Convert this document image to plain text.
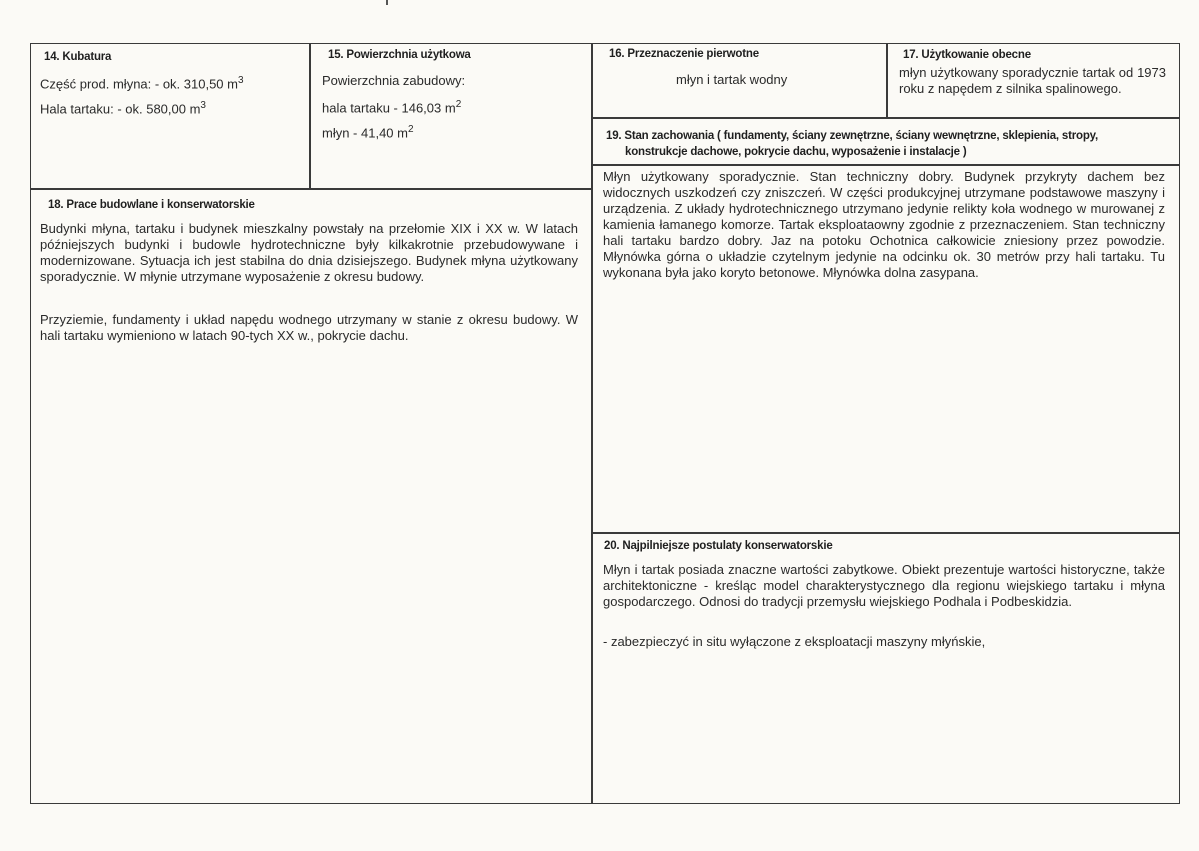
14. Kubatura
Część prod. młyna: - ok. 310,50 $m^3$
Hala tartaku: - ok. 580,00 $m^3$
15. Powierzchnia użytkowa
Powierzchnia zabudowy:
hala tartaku - 146,03 $m^2$
młyn - 41,40 $m^2$
16. Przeznaczenie pierwotne
młyn i tartak wodny
17. Użytkowanie obecne
młyn użytkowany sporadycznie tartak od 1973 roku z napędem z silnika spalinowego.
18. Prace budowlane i konserwatorskie
Budynki młyna, tartaku i budynek mieszkalny powstały na przełomie XIX i XX w. W latach późniejszych budynki i budowle hydrotechniczne były kilkakrotnie przebudowywane i modernizowane. Sytuacja ich jest stabilna do dnia dzisiejszego. Budynek młyna użytkowany sporadycznie. W młynie utrzymane wyposażenie z okresu budowy.
Przyziemie, fundamenty i układ napędu wodnego utrzymany w stanie z okresu budowy. W hali tartaku wymieniono w latach 90-tych XX w., pokrycie dachu.
19. Stan zachowania ( fundamenty, ściany zewnętrzne, ściany wewnętrzne, sklepienia, stropy,
konstrukcje dachowe, pokrycie dachu, wyposażenie i instalacje )
Młyn użytkowany sporadycznie. Stan techniczny dobry. Budynek przykryty dachem bez widocznych uszkodzeń czy zniszczeń. W części produkcyjnej utrzymane podstawowe maszyny i urządzenia. Z układy hydrotechnicznego utrzymano jedynie relikty koła wodnego w murowanej z kamienia łamanego komorze. Tartak eksploataowny zgodnie z przeznaczeniem. Stan techniczny hali tartaku bardzo dobry. Jaz na potoku Ochotnica całkowicie zniesiony przez powodzie. Młynówka górna o układzie czytelnym jedynie na odcinku ok. 30 metrów przy hali tartaku. Tu wykonana była jako koryto betonowe. Młynówka dolna zasypana.
20. Najpilniejsze postulaty konserwatorskie
Młyn i tartak posiada znaczne wartości zabytkowe. Obiekt prezentuje wartości historyczne, także architektoniczne - kreśląc model charakterystycznego dla regionu wiejskiego tartaku i młyna gospodarczego. Odnosi do tradycji przemysłu wiejskiego Podhala i Podbeskidzia.
- zabezpieczyć in situ wyłączone z eksploatacji maszyny młyńskie,
